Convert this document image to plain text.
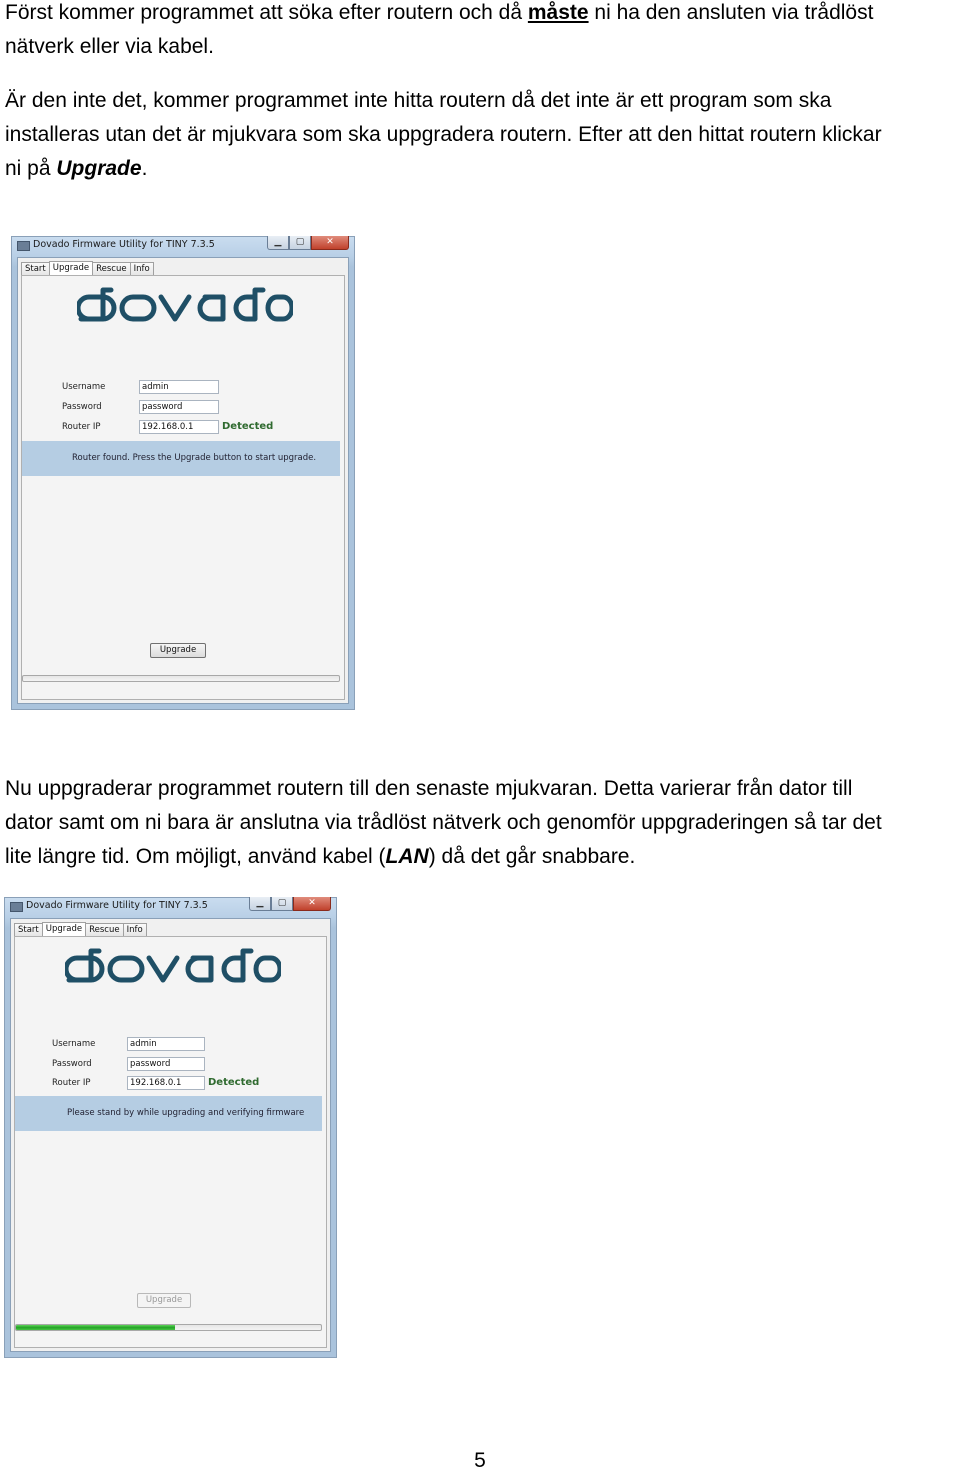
Först kommer programmet att söka efter routern och då måste ni ha den ansluten via trådlöst
nätverk eller via kabel.

Är den inte det, kommer programmet inte hitta routern då det inte är ett program som ska
installeras utan det är mjukvara som ska uppgradera routern. Efter att den hittat routern klickar
ni på Upgrade.

Dovado Firmware Utility for TINY 7.3.5	▁	▢	✕
Start Upgrade Rescue Info
Username	admin
Password	password
Router IP	192.168.0.1	Detected
Router found. Press the Upgrade button to start upgrade.
Upgrade

Nu uppgraderar programmet routern till den senaste mjukvaran. Detta varierar från dator till
dator samt om ni bara är anslutna via trådlöst nätverk och genomför uppgraderingen så tar det
lite längre tid. Om möjligt, använd kabel (LAN) då det går snabbare.

Dovado Firmware Utility for TINY 7.3.5	▁	▢	✕
Start Upgrade Rescue Info
Username	admin
Password	password
Router IP	192.168.0.1	Detected
Please stand by while upgrading and verifying firmware
Upgrade
5
